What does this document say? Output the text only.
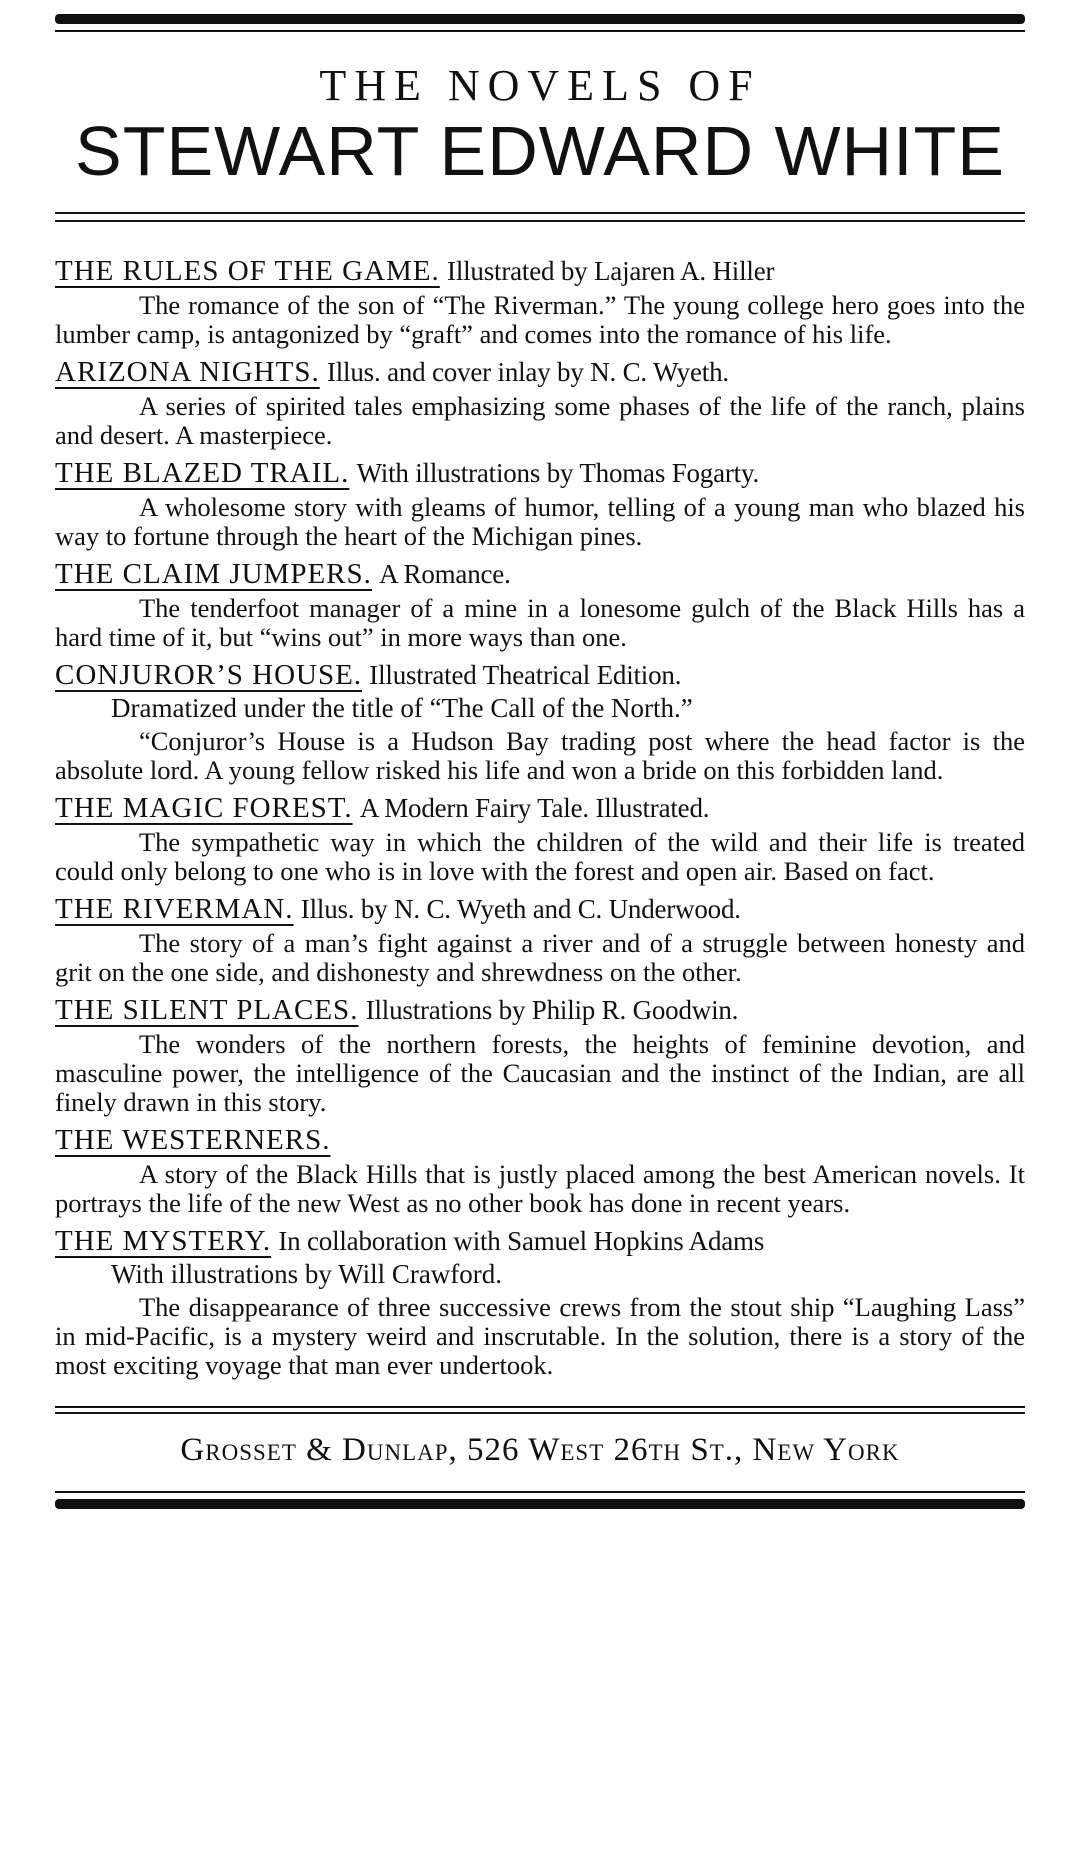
THE NOVELS OF
STEWART EDWARD WHITE
THE RULES OF THE GAME. Illustrated by Lajaren A. Hiller
The romance of the son of “The Riverman.” The young college hero goes into the lumber camp, is antagonized by “graft” and comes into the romance of his life.
ARIZONA NIGHTS. Illus. and cover inlay by N. C. Wyeth.
A series of spirited tales emphasizing some phases of the life of the ranch, plains and desert. A masterpiece.
THE BLAZED TRAIL. With illustrations by Thomas Fogarty.
A wholesome story with gleams of humor, telling of a young man who blazed his way to fortune through the heart of the Michigan pines.
THE CLAIM JUMPERS. A Romance.
The tenderfoot manager of a mine in a lonesome gulch of the Black Hills has a hard time of it, but “wins out” in more ways than one.
CONJUROR’S HOUSE. Illustrated Theatrical Edition.
Dramatized under the title of “The Call of the North.”
“Conjuror’s House is a Hudson Bay trading post where the head factor is the absolute lord. A young fellow risked his life and won a bride on this forbidden land.
THE MAGIC FOREST. A Modern Fairy Tale. Illustrated.
The sympathetic way in which the children of the wild and their life is treated could only belong to one who is in love with the forest and open air. Based on fact.
THE RIVERMAN. Illus. by N. C. Wyeth and C. Underwood.
The story of a man’s fight against a river and of a struggle between honesty and grit on the one side, and dishonesty and shrewdness on the other.
THE SILENT PLACES. Illustrations by Philip R. Goodwin.
The wonders of the northern forests, the heights of feminine devotion, and masculine power, the intelligence of the Caucasian and the instinct of the Indian, are all finely drawn in this story.
THE WESTERNERS.
A story of the Black Hills that is justly placed among the best American novels. It portrays the life of the new West as no other book has done in recent years.
THE MYSTERY. In collaboration with Samuel Hopkins Adams
With illustrations by Will Crawford.
The disappearance of three successive crews from the stout ship “Laughing Lass” in mid-Pacific, is a mystery weird and inscrutable. In the solution, there is a story of the most exciting voyage that man ever undertook.
Grosset & Dunlap, 526 West 26th St., New York
